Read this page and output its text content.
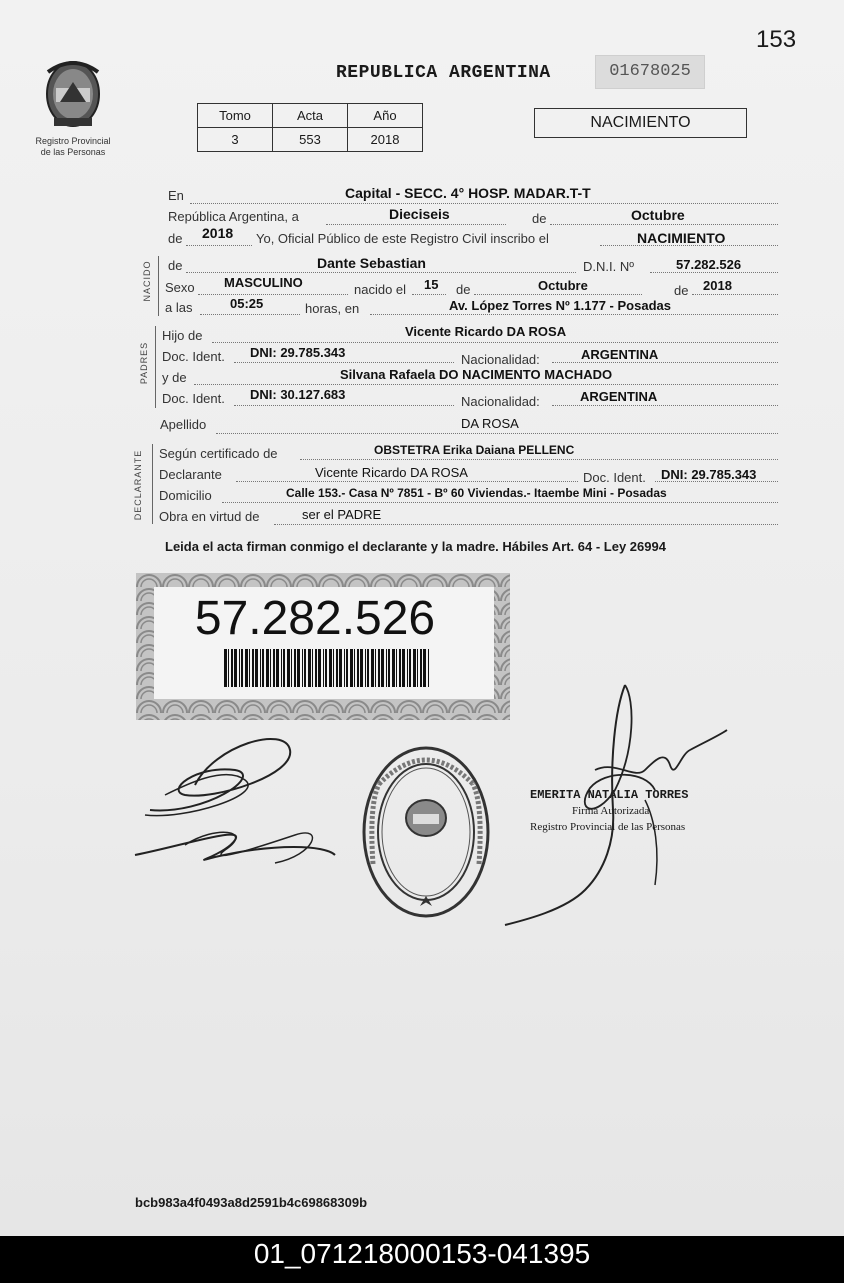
153
Registro Provincial
de las Personas
REPUBLICA ARGENTINA	01678025
Tomo	Acta	Año
3	553	2018
NACIMIENTO
En	Capital - SECC. 4° HOSP. MADAR.T-T
República Argentina, a	Dieciseis	de	Octubre
de 2018 Yo, Oficial Público de este Registro Civil inscribo el	NACIMIENTO
NACIDO de	Dante Sebastian	D.N.I. Nº	57.282.526
Sexo MASCULINO	nacido el 15 de	Octubre	de 2018
a las	05:25	horas, en	Av. López Torres Nº 1.177 - Posadas
PADRES
Hijo de	Vicente Ricardo DA ROSA
Doc. Ident. DNI: 29.785.343	Nacionalidad:	ARGENTINA
y de	Silvana Rafaela DO NACIMENTO MACHADO
Doc. Ident. DNI: 30.127.683	Nacionalidad:	ARGENTINA
Apellido	DA ROSA
DECLARANTE Según certificado de	OBSTETRA Erika Daiana PELLENC
Declarante	Vicente Ricardo DA ROSA	Doc. Ident. DNI: 29.785.343
Domicilio	Calle 153.- Casa Nº 7851 - Bº 60 Viviendas.- Itaembe Mini - Posadas
Obra en virtud de	ser el PADRE
Leida el acta firman conmigo el declarante y la madre. Hábiles Art. 64 - Ley 26994
57.282.526
EMERITA NATALIA TORRES
Firma Autorizada
Registro Provincial de las Personas
bcb983a4f0493a8d2591b4c69868309b
01_071218000153-041395
